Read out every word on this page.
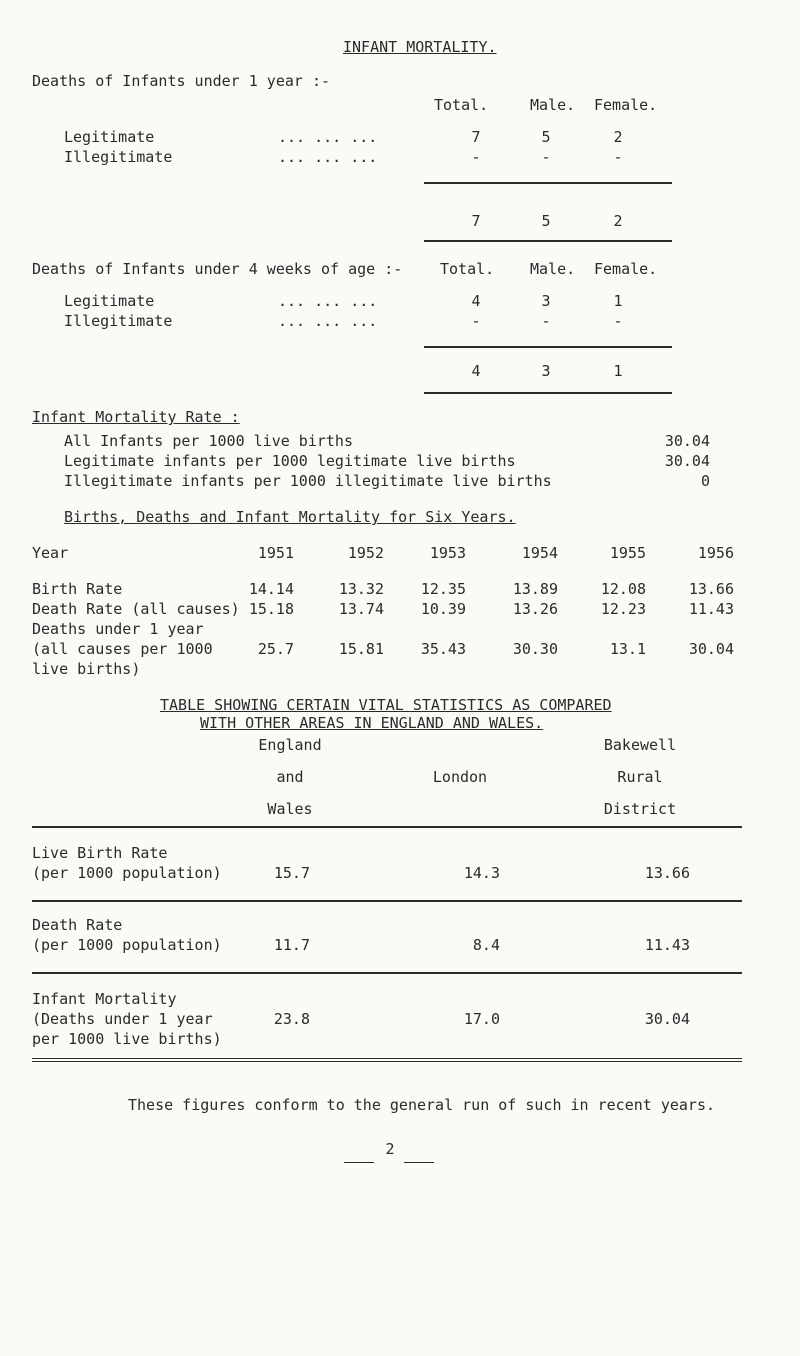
INFANT MORTALITY.
Deaths of Infants under 1 year :-
Total.	Male. Female.
Legitimate	... ... ...	7	5	2
Illegitimate	... ... ...	-	-	-
7	5	2
Deaths of Infants under 4 weeks of age :-	Total. Male. Female.
Legitimate	... ... ...	4	3	1
Illegitimate	... ... ...	-	-	-
4	3	1
Infant Mortality Rate :
All Infants per 1000 live births	30.04
Legitimate infants per 1000 legitimate live births	30.04
Illegitimate infants per 1000 illegitimate live births	0
Births, Deaths and Infant Mortality for Six Years.
Year	1951	1952	1953	1954	1955	1956
Birth Rate	14.14	13.32	12.35	13.89	12.08	13.66
Death Rate (all causes) 15.18	13.74	10.39	13.26	12.23	11.43
Deaths under 1 year
(all causes per 1000
live births)
25.7	15.81	35.43	30.30	13.1	30.04
TABLE SHOWING CERTAIN VITAL STATISTICS AS COMPARED
WITH OTHER AREAS IN ENGLAND AND WALES.
England
and
Wales
London
Bakewell
Rural
District
Live Birth Rate
(per 1000 population)	15.7	14.3	13.66
Death Rate
(per 1000 population)	11.7	8.4	11.43
Infant Mortality
(Deaths under 1 year
per 1000 live births)
23.8	17.0	30.04
These figures conform to the general run of such in recent years.
2
